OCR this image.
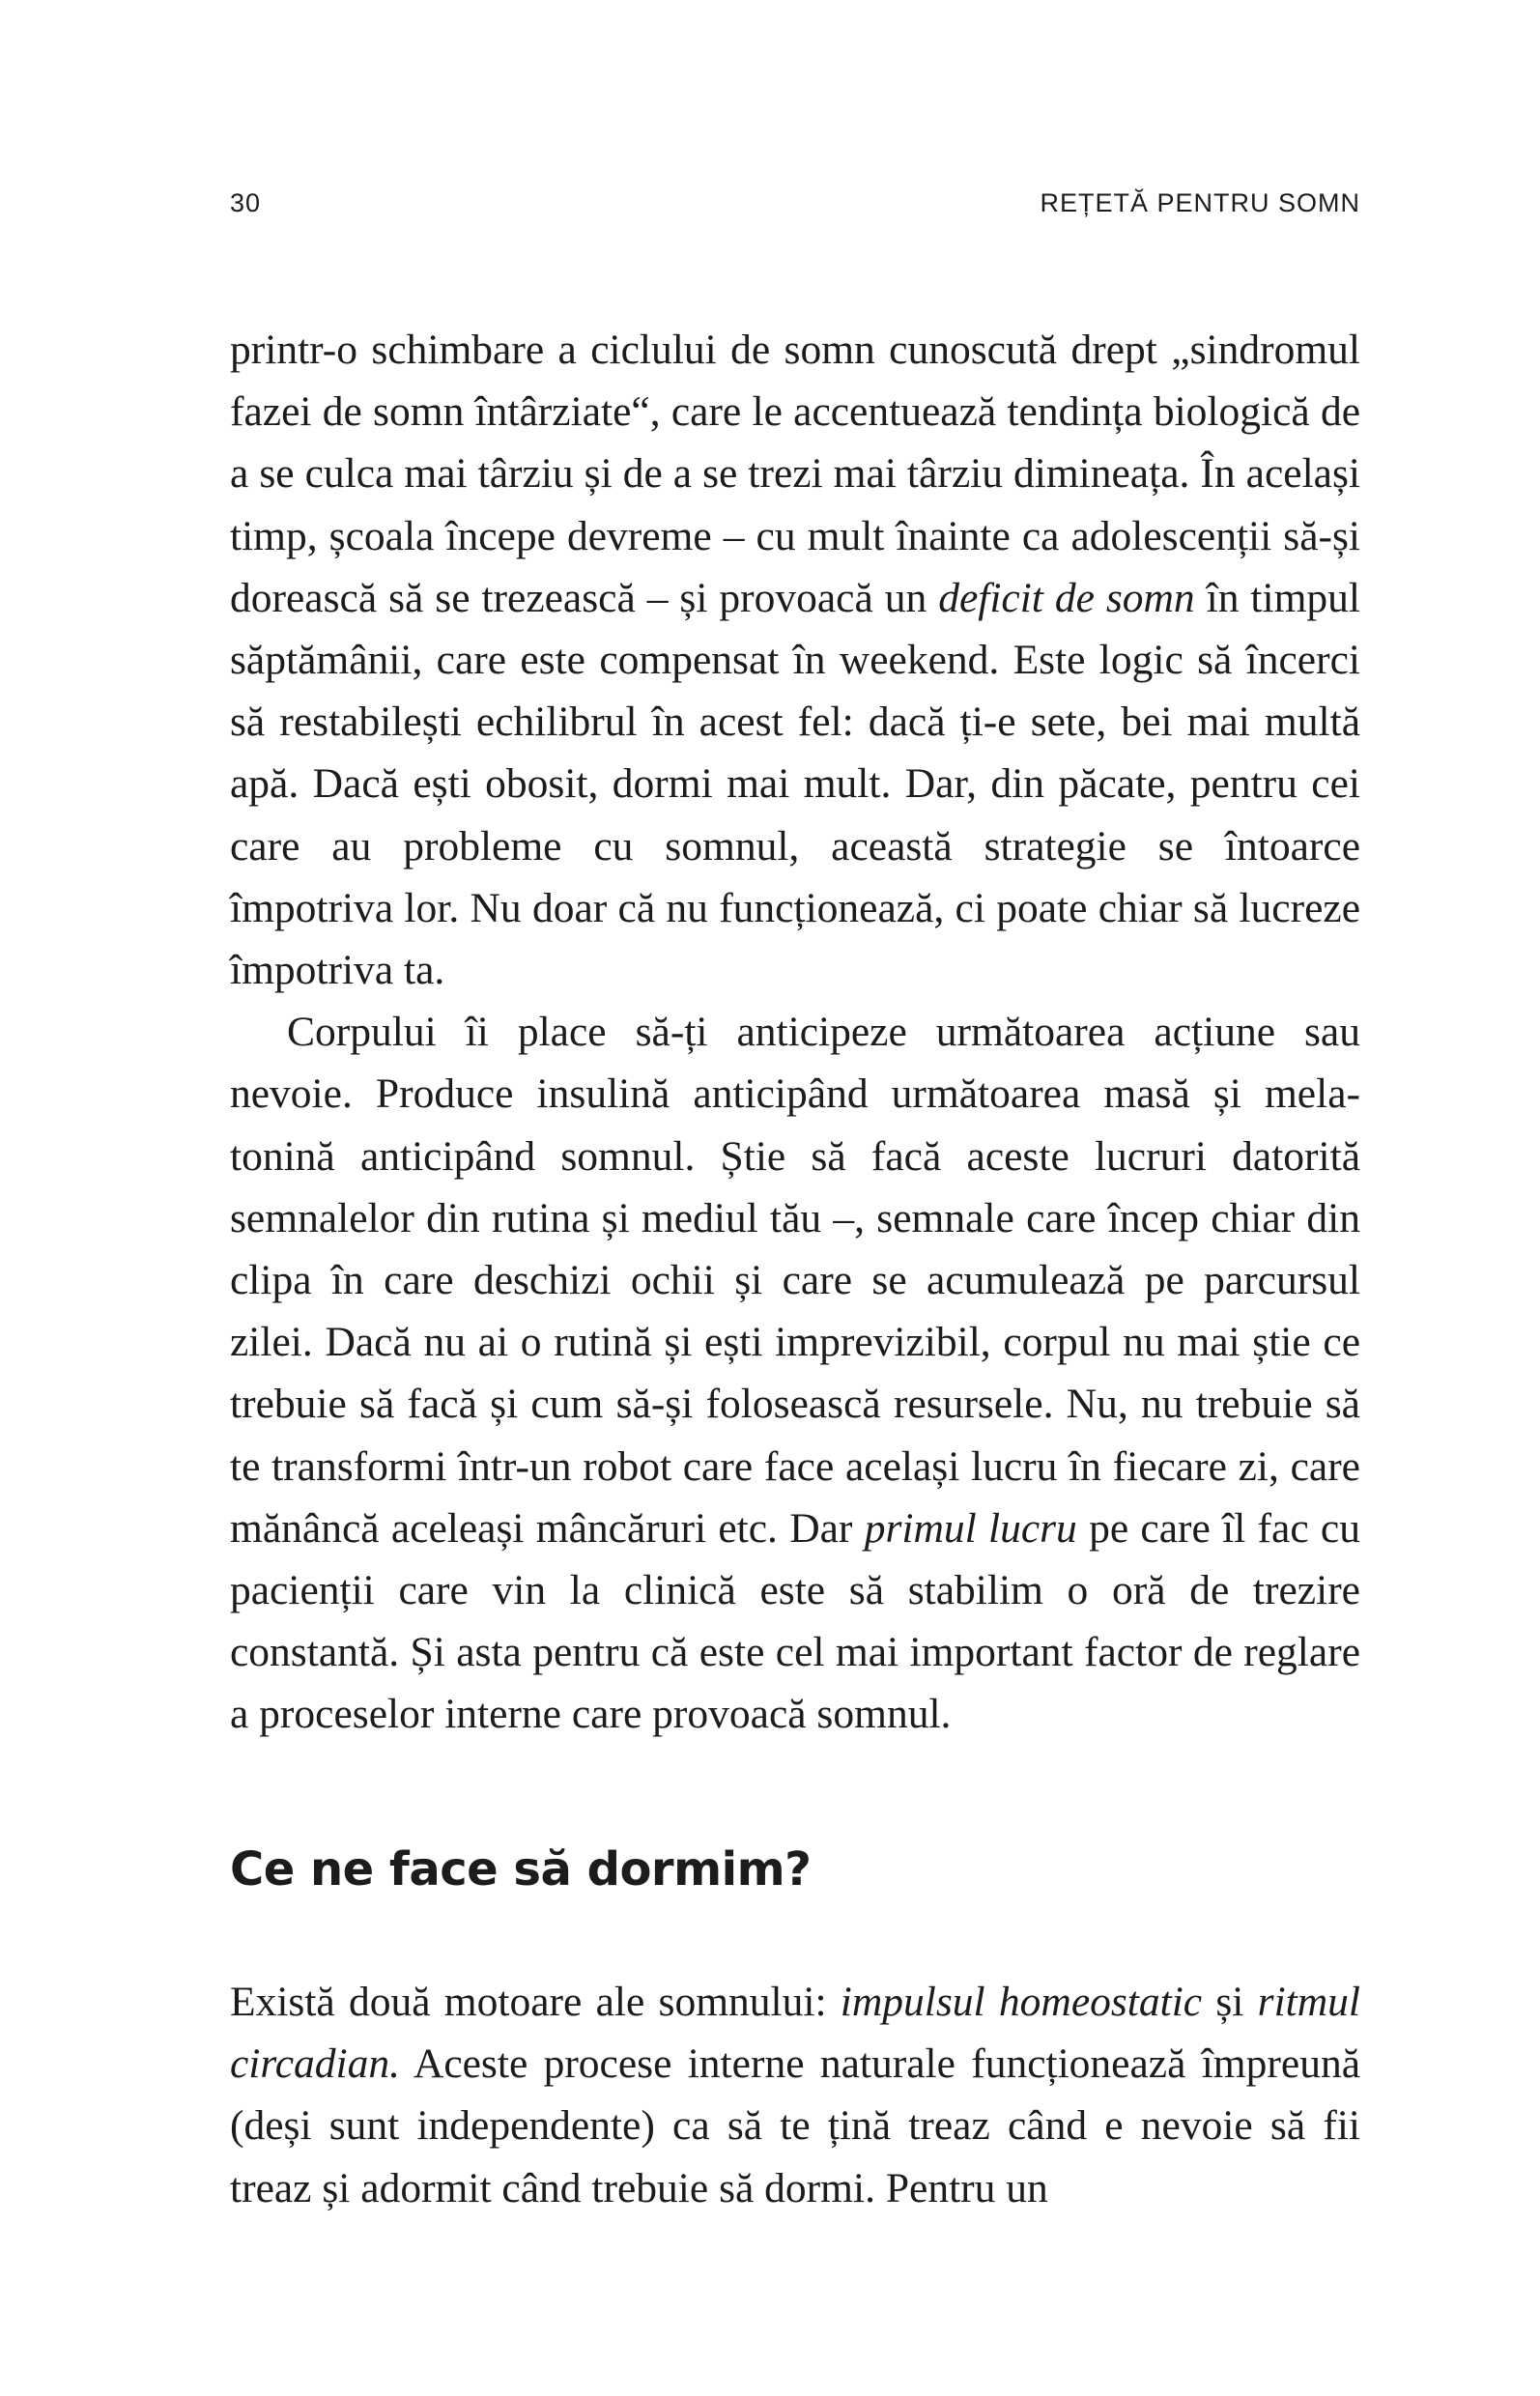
30	REȚETĂ PENTRU SOMN

printr-o schimbare a ciclului de somn cunoscută drept „sindromul fazei de somn întârziate“, care le accentuează tendința biologică de a se culca mai târziu și de a se trezi mai târziu dimineața. În același timp, școala începe devreme – cu mult înainte ca adolescenții să-și dorească să se trezească – și provoacă un deficit de somn în timpul săptămânii, care este compensat în weekend. Este logic să încerci să restabilești echilibrul în acest fel: dacă ți-e sete, bei mai multă apă. Dacă ești obosit, dormi mai mult. Dar, din păcate, pentru cei care au probleme cu somnul, această strategie se întoarce împotriva lor. Nu doar că nu funcționează, ci poate chiar să lucreze împotriva ta.

Corpului îi place să-ți anticipeze următoarea acțiune sau nevoie. Produce insulină anticipând următoarea masă și melatonină anticipând somnul. Știe să facă aceste lucruri datorită semnalelor din rutina și mediul tău –, semnale care încep chiar din clipa în care deschizi ochii și care se acumulează pe parcursul zilei. Dacă nu ai o rutină și ești imprevizibil, corpul nu mai știe ce trebuie să facă și cum să-și folosească resursele. Nu, nu trebuie să te transformi într-un robot care face același lucru în fiecare zi, care mănâncă aceleași mâncăruri etc. Dar primul lucru pe care îl fac cu pacienții care vin la clinică este să stabilim o oră de trezire constantă. Și asta pentru că este cel mai important factor de reglare a proceselor interne care provoacă somnul.

Ce ne face să dormim?

Există două motoare ale somnului: impulsul homeostatic și ritmul circadian. Aceste procese interne naturale funcționează împreună (deși sunt independente) ca să te țină treaz când e nevoie să fii treaz și adormit când trebuie să dormi. Pentru un
